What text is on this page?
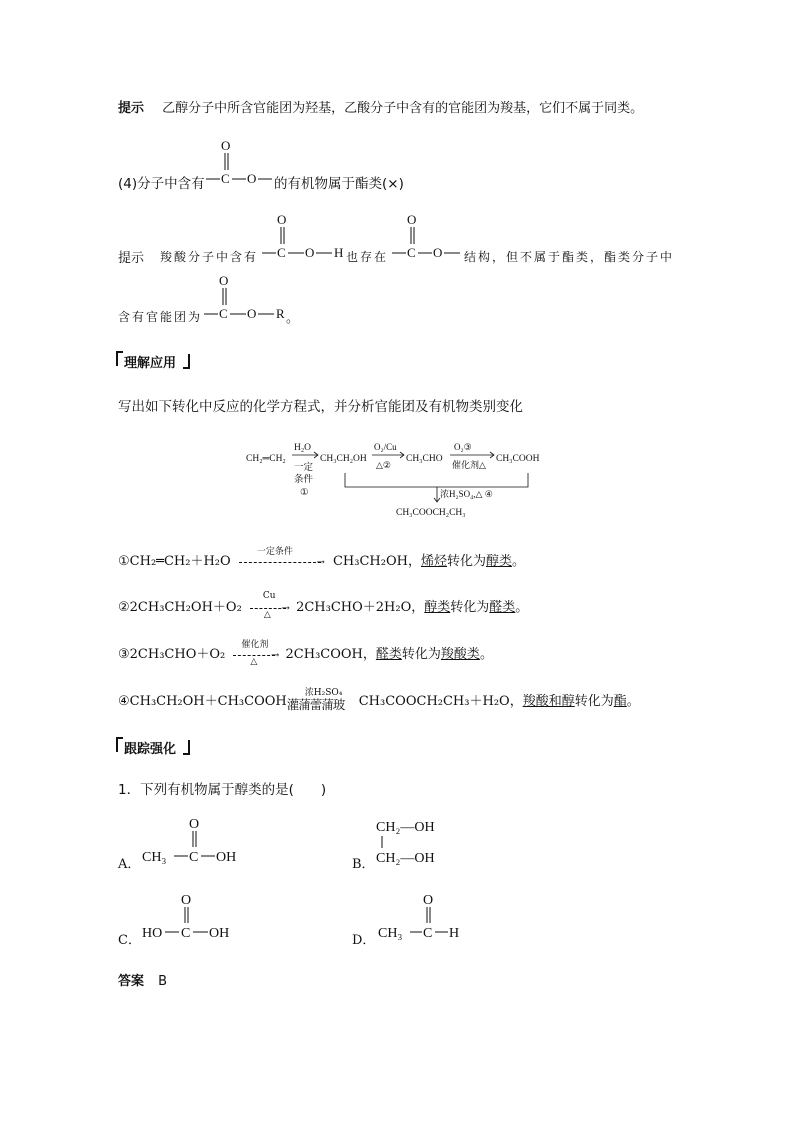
提示 乙醇分子中所含官能团为羟基，乙酸分子中含有的官能团为羧基，它们不属于同类。
(4)分子中含有
O
C O 的有机物属于酯类(×)
提示 羧酸分子中含有
O
C O H 也存在
O
C O 结构，但不属于酯类，酯类分子中
含有官能团为
O
C O R 。
理解应用
写出如下转化中反应的化学方程式，并分析官能团及有机物类别变化
CH₂═CH₂
H₂O
一定
条件
①
CH₃CH₂OH
O₂/Cu
△②
CH₃CHO
O₂③
催化剂△
CH₃COOH
浓H₂SO₄,△ ④
CH₃COOCH₂CH₃
①CH₂═CH₂＋H₂O
一定条件
→ CH₃CH₂OH，烯烃转化为醇类。
②2CH₃CH₂OH＋O₂
Cu
→
△ 2CH₃CHO＋2H₂O，醇类转化为醛类。
③2CH₃CHO＋O₂
催化剂
→
△ 2CH₃COOH，醛类转化为羧酸类。
④CH₃CH₂OH＋CH₃COOH
浓H₂SO₄
灌蒲蕾蒲玻 CH₃COOCH₂CH₃＋H₂O，羧酸和醇转化为酯。
跟踪强化
1．下列有机物属于醇类的是(　　)
A． CH₃
O
C OH	B．
CH₂—OH
CH₂—OH
C． HO
O
C OH	D． CH₃
O
C H
答案 B
